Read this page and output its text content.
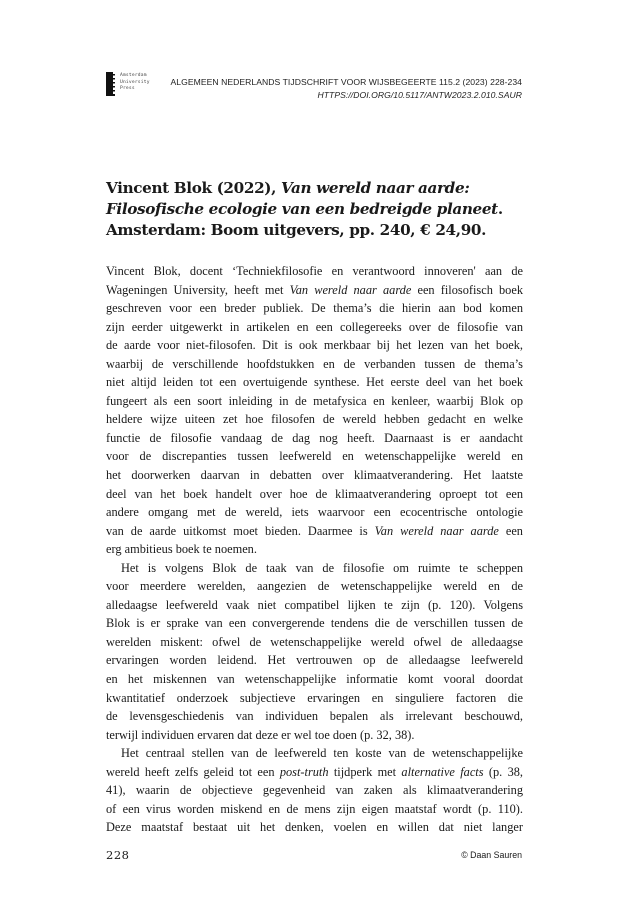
Amsterdam
University
Press
ALGEMEEN NEDERLANDS TIJDSCHRIFT VOOR WIJSBEGEERTE 115.2 (2023) 228-234
HTTPS://DOI.ORG/10.5117/ANTW2023.2.010.SAUR
Vincent Blok (2022), Van wereld naar aarde:
Filosofische ecologie van een bedreigde planeet.
Amsterdam: Boom uitgevers, pp. 240, € 24,90.
Vincent Blok, docent ‘Techniekfilosofie en verantwoord innoveren' aan de
Wageningen University, heeft met Van wereld naar aarde een filosofisch boek
geschreven voor een breder publiek. De thema’s die hierin aan bod komen
zijn eerder uitgewerkt in artikelen en een collegereeks over de filosofie van
de aarde voor niet-filosofen. Dit is ook merkbaar bij het lezen van het boek,
waarbij de verschillende hoofdstukken en de verbanden tussen de thema’s
niet altijd leiden tot een overtuigende synthese. Het eerste deel van het boek
fungeert als een soort inleiding in de metafysica en kenleer, waarbij Blok op
heldere wijze uiteen zet hoe filosofen de wereld hebben gedacht en welke
functie de filosofie vandaag de dag nog heeft. Daarnaast is er aandacht
voor de discrepanties tussen leefwereld en wetenschappelijke wereld en
het doorwerken daarvan in debatten over klimaatverandering. Het laatste
deel van het boek handelt over hoe de klimaatverandering oproept tot een
andere omgang met de wereld, iets waarvoor een ecocentrische ontologie
van de aarde uitkomst moet bieden. Daarmee is Van wereld naar aarde een
erg ambitieus boek te noemen.
Het is volgens Blok de taak van de filosofie om ruimte te scheppen
voor meerdere werelden, aangezien de wetenschappelijke wereld en de
alledaagse leefwereld vaak niet compatibel lijken te zijn (p. 120). Volgens
Blok is er sprake van een convergerende tendens die de verschillen tussen de
werelden miskent: ofwel de wetenschappelijke wereld ofwel de alledaagse
ervaringen worden leidend. Het vertrouwen op de alledaagse leefwereld
en het miskennen van wetenschappelijke informatie komt vooral doordat
kwantitatief onderzoek subjectieve ervaringen en singuliere factoren die
de levensgeschiedenis van individuen bepalen als irrelevant beschouwd,
terwijl individuen ervaren dat deze er wel toe doen (p. 32, 38).
Het centraal stellen van de leefwereld ten koste van de wetenschappelijke
wereld heeft zelfs geleid tot een post-truth tijdperk met alternative facts (p. 38,
41), waarin de objectieve gegevenheid van zaken als klimaatverandering
of een virus worden miskend en de mens zijn eigen maatstaf wordt (p. 110).
Deze maatstaf bestaat uit het denken, voelen en willen dat niet langer
228	© Daan Sauren
